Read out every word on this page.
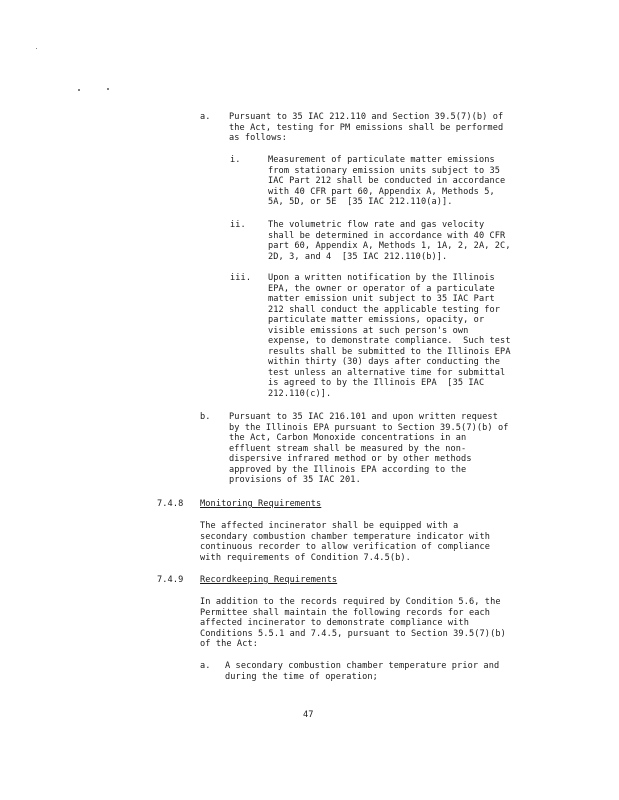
a. Pursuant to 35 IAC 212.110 and Section 39.5(7)(b) of
the Act, testing for PM emissions shall be performed
as follows:
i.	Measurement of particulate matter emissions
from stationary emission units subject to 35
IAC Part 212 shall be conducted in accordance
with 40 CFR part 60, Appendix A, Methods 5,
5A, 5D, or 5E  [35 IAC 212.110(a)].
ii.	The volumetric flow rate and gas velocity
shall be determined in accordance with 40 CFR
part 60, Appendix A, Methods 1, 1A, 2, 2A, 2C,
2D, 3, and 4  [35 IAC 212.110(b)].
iii. Upon a written notification by the Illinois
EPA, the owner or operator of a particulate
matter emission unit subject to 35 IAC Part
212 shall conduct the applicable testing for
particulate matter emissions, opacity, or
visible emissions at such person's own
expense, to demonstrate compliance.  Such test
results shall be submitted to the Illinois EPA
within thirty (30) days after conducting the
test unless an alternative time for submittal
is agreed to by the Illinois EPA  [35 IAC
212.110(c)].
b. Pursuant to 35 IAC 216.101 and upon written request
by the Illinois EPA pursuant to Section 39.5(7)(b) of
the Act, Carbon Monoxide concentrations in an
effluent stream shall be measured by the non-
dispersive infrared method or by other methods
approved by the Illinois EPA according to the
provisions of 35 IAC 201.
7.4.8 Monitoring Requirements
The affected incinerator shall be equipped with a
secondary combustion chamber temperature indicator with
continuous recorder to allow verification of compliance
with requirements of Condition 7.4.5(b).
7.4.9 Recordkeeping Requirements
In addition to the records required by Condition 5.6, the
Permittee shall maintain the following records for each
affected incinerator to demonstrate compliance with
Conditions 5.5.1 and 7.4.5, pursuant to Section 39.5(7)(b)
of the Act:
a. A secondary combustion chamber temperature prior and
during the time of operation;
47
